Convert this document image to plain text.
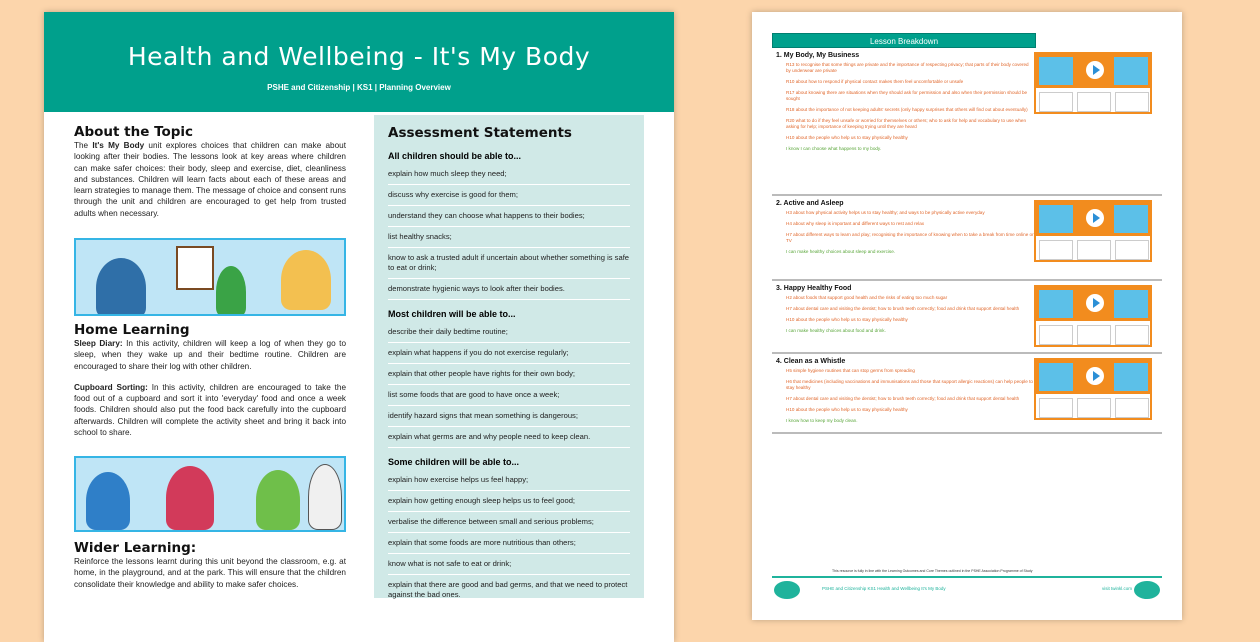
Health and Wellbeing - It's My Body
PSHE and Citizenship | KS1 | Planning Overview
About the Topic

The It's My Body unit explores choices that children can make about looking after their bodies. The lessons look at key areas where children can make safer choices: their body, sleep and exercise, diet, cleanliness and substances. Children will learn facts about each of these areas and learn strategies to manage them. The message of choice and consent runs through the unit and children are encouraged to get help from trusted adults when necessary.

Home Learning

Sleep Diary: In this activity, children will keep a log of when they go to sleep, when they wake up and their bedtime routine. Children are encouraged to share their log with other children.

Cupboard Sorting: In this activity, children are encouraged to take the food out of a cupboard and sort it into 'everyday' food and once a week foods. Children should also put the food back carefully into the cupboard afterwards. Children will complete the activity sheet and bring it back into school to share.

Wider Learning:

Reinforce the lessons learnt during this unit beyond the classroom, e.g. at home, in the playground, and at the park. This will ensure that the children consolidate their knowledge and ability to make safer choices.

Assessment Statements
All children should be able to...
explain how much sleep they need;
discuss why exercise is good for them;
understand they can choose what happens to their bodies;
list healthy snacks;
know to ask a trusted adult if uncertain about whether something is safe to eat or drink;
demonstrate hygienic ways to look after their bodies.
Most children will be able to...
describe their daily bedtime routine;
explain what happens if you do not exercise regularly;
explain that other people have rights for their own body;
list some foods that are good to have once a week;
identify hazard signs that mean something is dangerous;
explain what germs are and why people need to keep clean.
Some children will be able to...
explain how exercise helps us feel happy;
explain how getting enough sleep helps us to feel good;
verbalise the difference between small and serious problems;
explain that some foods are more nutritious than others;
know what is not safe to eat or drink;
explain that there are good and bad germs, and that we need to protect against the bad ones.
Lesson Breakdown
1. My Body, My Business
R13 to recognise that some things are private and the importance of respecting privacy; that parts of their body covered by underwear are private
R10 about how to respond if physical contact makes them feel uncomfortable or unsafe
R17 about knowing there are situations when they should ask for permission and also when their permission should be sought
R18 about the importance of not keeping adults' secrets (only happy surprises that others will find out about eventually)
R20 what to do if they feel unsafe or worried for themselves or others; who to ask for help and vocabulary to use when asking for help; importance of keeping trying until they are heard
H10 about the people who help us to stay physically healthy
I know I can choose what happens to my body.
2. Active and Asleep
H3 about how physical activity helps us to stay healthy; and ways to be physically active everyday
H4 about why sleep is important and different ways to rest and relax
H7 about different ways to learn and play; recognising the importance of knowing when to take a break from time online or TV
I can make healthy choices about sleep and exercise.
3. Happy Healthy Food
H2 about foods that support good health and the risks of eating too much sugar
H7 about dental care and visiting the dentist; how to brush teeth correctly; food and drink that support dental health
H10 about the people who help us to stay physically healthy
I can make healthy choices about food and drink.
4. Clean as a Whistle
H5 simple hygiene routines that can stop germs from spreading
H6 that medicines (including vaccinations and immunisations and those that support allergic reactions) can help people to stay healthy
H7 about dental care and visiting the dentist; how to brush teeth correctly; food and drink that support dental health
H10 about the people who help us to stay physically healthy
I know how to keep my body clean.
This resource is fully in line with the Learning Outcomes and Core Themes outlined in the PSHE Association Programme of Study
PSHE and Citizenship KS1 Health and Wellbeing It's My Body	visit twinkl.com
